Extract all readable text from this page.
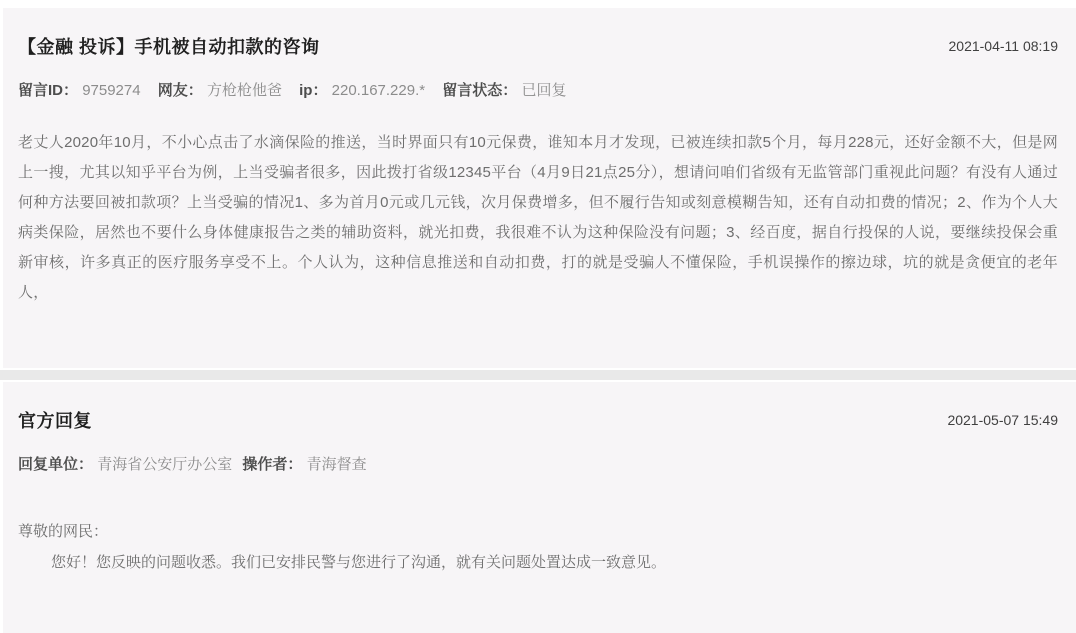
【金融 投诉】手机被自动扣款的咨询	2021-04-11 08:19
留言ID： 9759274 网友： 方枪枪他爸 ip： 220.167.229.* 留言状态： 已回复

老丈人2020年10月，不小心点击了水滴保险的推送，当时界面只有10元保费，谁知本月才发现，已被连续扣款5个月，每月228元，还好金额不大，但是网上一搜，尤其以知乎平台为例，上当受骗者很多，因此拨打省级12345平台（4月9日21点25分），想请问咱们省级有无监管部门重视此问题？有没有人通过何种方法要回被扣款项？上当受骗的情况1、多为首月0元或几元钱，次月保费增多，但不履行告知或刻意模糊告知，还有自动扣费的情况；2、作为个人大病类保险，居然也不要什么身体健康报告之类的辅助资料，就光扣费，我很难不认为这种保险没有问题；3、经百度，据自行投保的人说，要继续投保会重新审核，许多真正的医疗服务享受不上。个人认为，这种信息推送和自动扣费，打的就是受骗人不懂保险，手机误操作的擦边球，坑的就是贪便宜的老年人，

官方回复	2021-05-07 15:49
回复单位： 青海省公安厅办公室 操作者： 青海督查

尊敬的网民：

您好！您反映的问题收悉。我们已安排民警与您进行了沟通，就有关问题处置达成一致意见。
